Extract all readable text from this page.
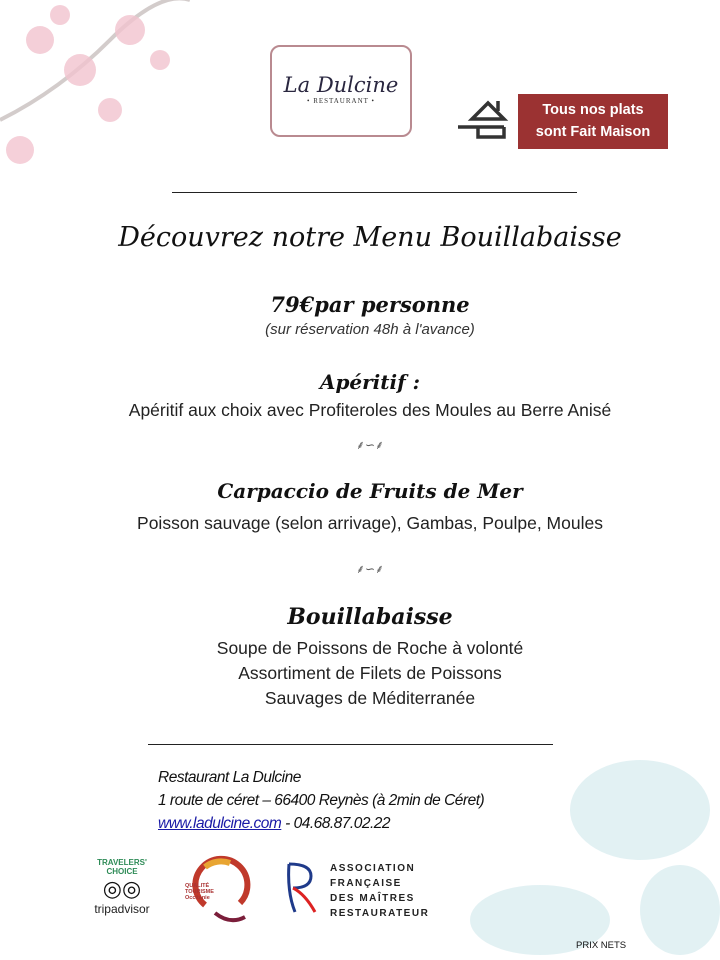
La Dulcine
• RESTAURANT •
Tous nos plats
sont Fait Maison
Découvrez notre Menu Bouillabaisse
79€par personne
(sur réservation 48h à l'avance)
Apéritif :
Apéritif aux choix avec Profiteroles des Moules au Berre Anisé
⸙∽⸙
Carpaccio de Fruits de Mer
Poisson sauvage (selon arrivage), Gambas, Poulpe, Moules
⸙∽⸙
Bouillabaisse
Soupe de Poissons de Roche à volonté
Assortiment de Filets de Poissons
Sauvages de Méditerranée
Restaurant La Dulcine
1 route de céret – 66400 Reynès (à 2min de Céret)
www.ladulcine.com - 04.68.87.02.22
TRAVELERS' CHOICE
◎◎
tripadvisor
QUALITÉ TOURISME Occitanie
ASSOCIATION
FRANÇAISE
DES MAÎTRES
RESTAURATEUR
PRIX NETS
